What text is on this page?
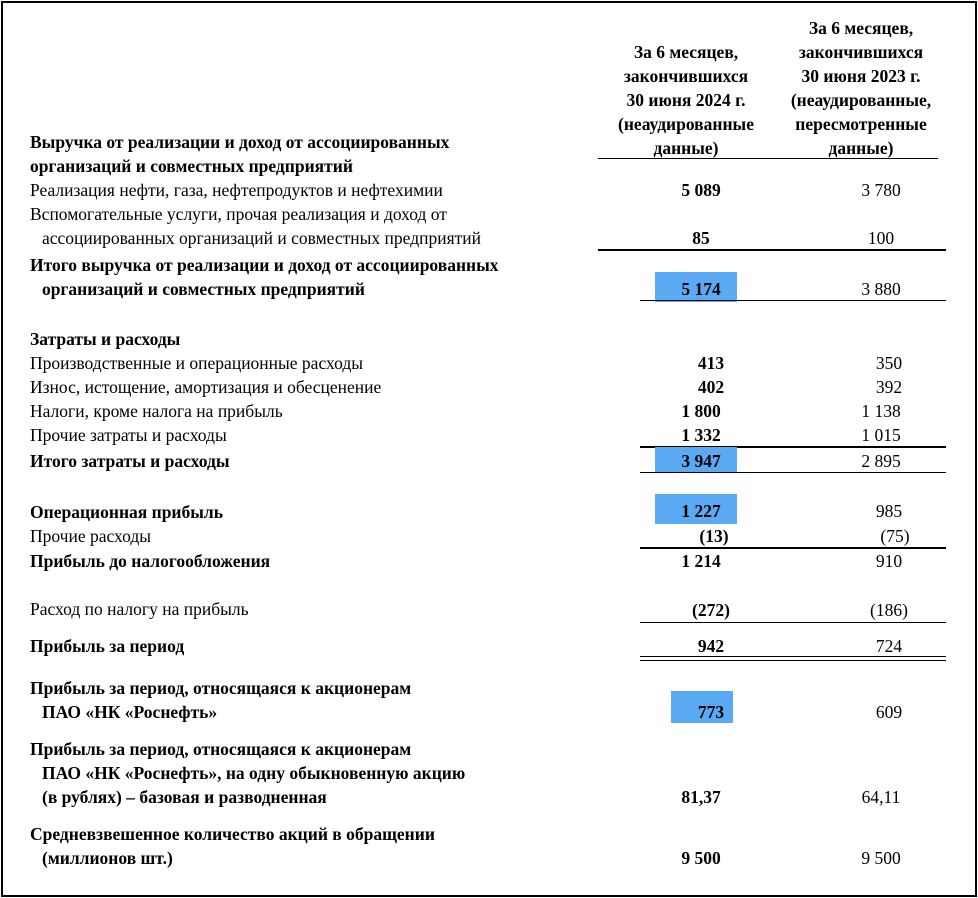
За 6 месяцев,
закончившихся
30 июня 2024 г.
(неаудированные
данные)
За 6 месяцев,
закончившихся
30 июня 2023 г.
(неаудированные,
пересмотренные
данные)
Выручка от реализации и доход от ассоциированных
организаций и совместных предприятий
Реализация нефти, газа, нефтепродуктов и нефтехимии	5 089	3 780
Вспомогательные услуги, прочая реализация и доход от
ассоциированных организаций и совместных предприятий	85	100
Итого выручка от реализации и доход от ассоциированных
организаций и совместных предприятий	5 174	3 880
Затраты и расходы
Производственные и операционные расходы	413	350
Износ, истощение, амортизация и обесценение	402	392
Налоги, кроме налога на прибыль	1 800	1 138
Прочие затраты и расходы	1 332	1 015
Итого затраты и расходы	3 947	2 895
Операционная прибыль	1 227	985
Прочие расходы	(13)	(75)
Прибыль до налогообложения	1 214	910
Расход по налогу на прибыль	(272)	(186)
Прибыль за период	942	724
Прибыль за период, относящаяся к акционерам
ПАО «НК «Роснефть»	773	609
Прибыль за период, относящаяся к акционерам
ПАО «НК «Роснефть», на одну обыкновенную акцию
(в рублях) – базовая и разводненная	81,37	64,11
Средневзвешенное количество акций в обращении
(миллионов шт.)	9 500	9 500
